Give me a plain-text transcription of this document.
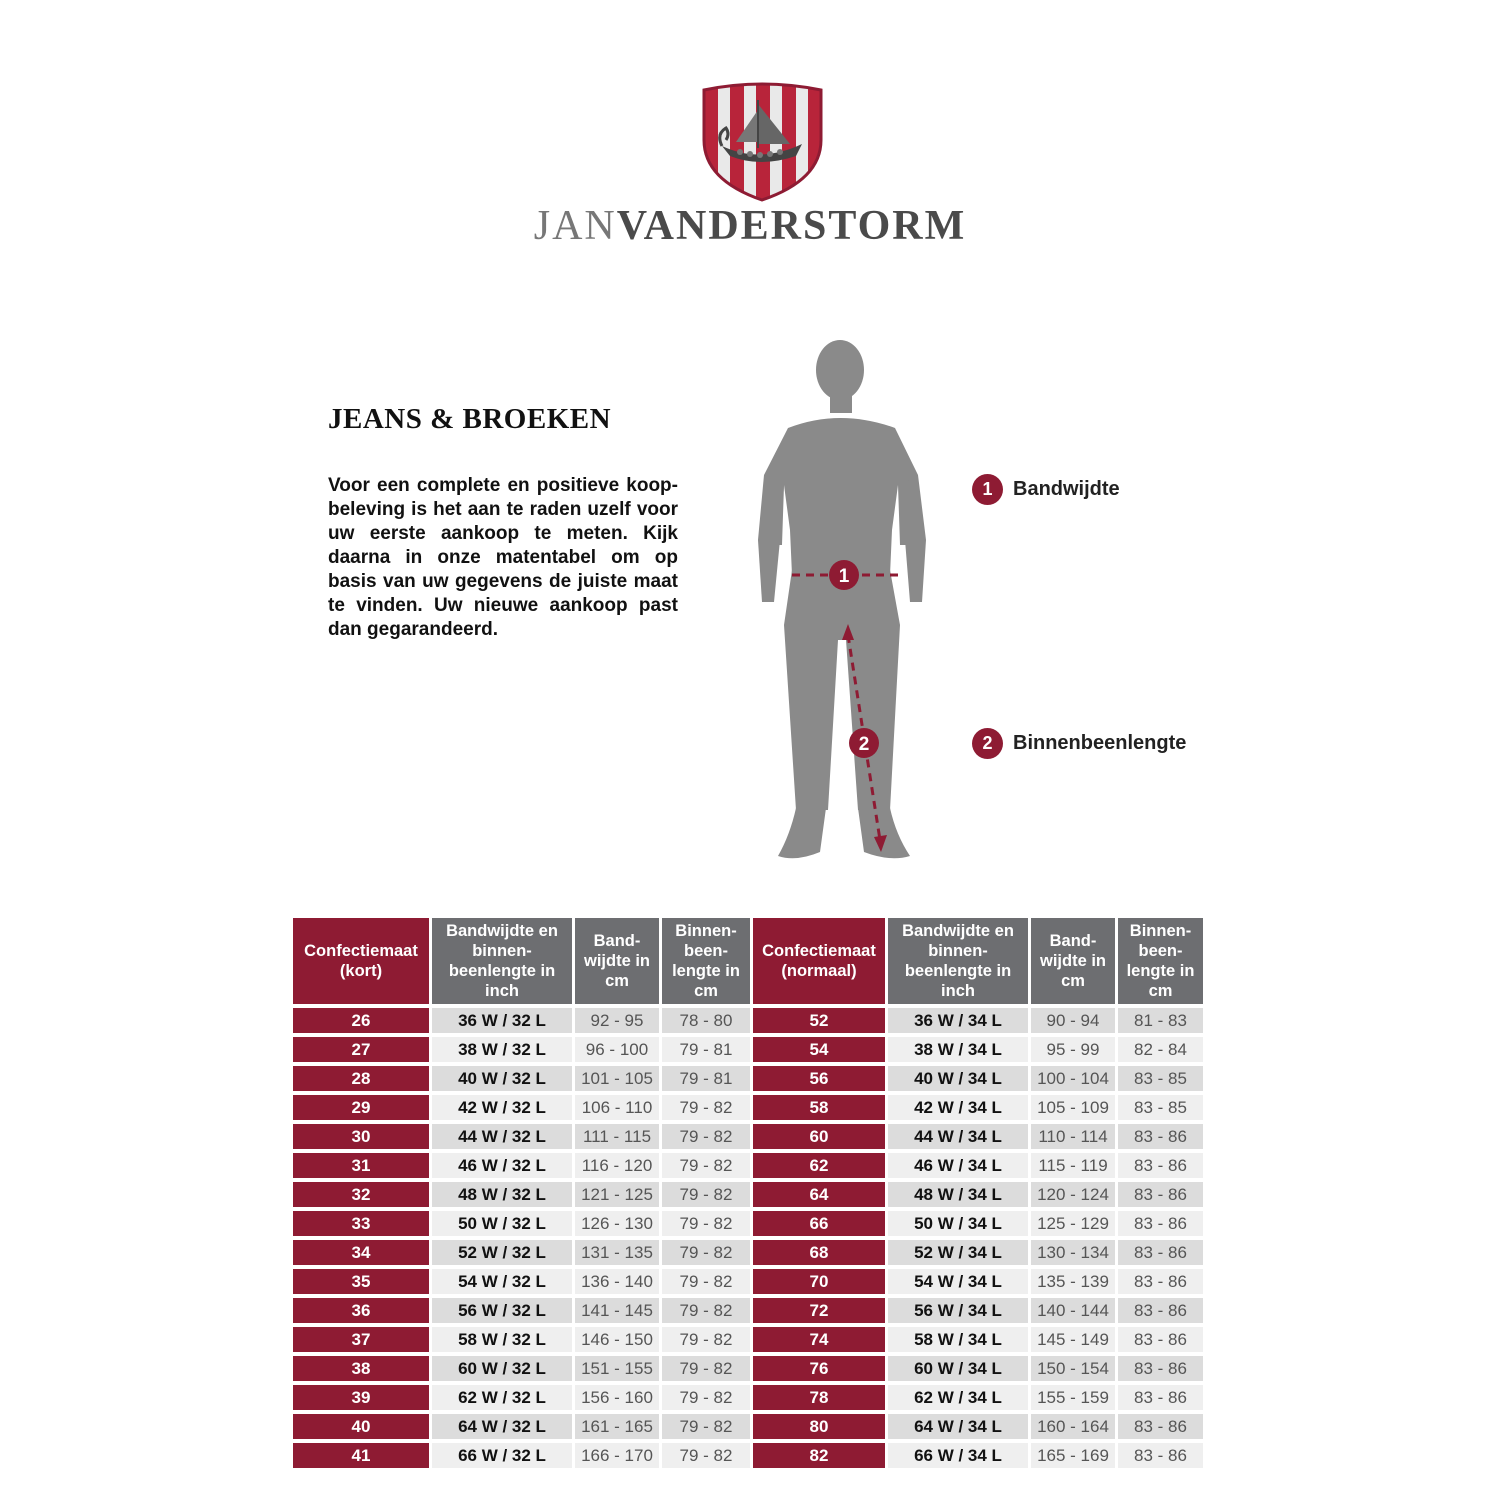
JANVANDERSTORM
JEANS & BROEKEN
Voor een complete en positieve koop-beleving is het aan te raden uzelf voor uw eerste aankoop te meten. Kijk daarna in onze matentabel om op basis van uw gegevens de juiste maat te vinden. Uw nieuwe aankoop past dan gegarandeerd.
1
2
1	Bandwijdte
2	Binnenbeenlengte
Confectiemaat (kort)	Bandwijdte en binnen-beenlengte in inch	Band-wijdte in cm	Binnen-been-lengte in cm	Confectiemaat (normaal)	Bandwijdte en binnen-beenlengte in inch	Band-wijdte in cm	Binnen-been-lengte in cm
26	36 W / 32 L	92 - 95	78 - 80	52	36 W / 34 L	90 - 94	81 - 83
27	38 W / 32 L	96 - 100	79 - 81	54	38 W / 34 L	95 - 99	82 - 84
28	40 W / 32 L	101 - 105	79 - 81	56	40 W / 34 L	100 - 104	83 - 85
29	42 W / 32 L	106 - 110	79 - 82	58	42 W / 34 L	105 - 109	83 - 85
30	44 W / 32 L	111 - 115	79 - 82	60	44 W / 34 L	110 - 114	83 - 86
31	46 W / 32 L	116 - 120	79 - 82	62	46 W / 34 L	115 - 119	83 - 86
32	48 W / 32 L	121 - 125	79 - 82	64	48 W / 34 L	120 - 124	83 - 86
33	50 W / 32 L	126 - 130	79 - 82	66	50 W / 34 L	125 - 129	83 - 86
34	52 W / 32 L	131 - 135	79 - 82	68	52 W / 34 L	130 - 134	83 - 86
35	54 W / 32 L	136 - 140	79 - 82	70	54 W / 34 L	135 - 139	83 - 86
36	56 W / 32 L	141 - 145	79 - 82	72	56 W / 34 L	140 - 144	83 - 86
37	58 W / 32 L	146 - 150	79 - 82	74	58 W / 34 L	145 - 149	83 - 86
38	60 W / 32 L	151 - 155	79 - 82	76	60 W / 34 L	150 - 154	83 - 86
39	62 W / 32 L	156 - 160	79 - 82	78	62 W / 34 L	155 - 159	83 - 86
40	64 W / 32 L	161 - 165	79 - 82	80	64 W / 34 L	160 - 164	83 - 86
41	66 W / 32 L	166 - 170	79 - 82	82	66 W / 34 L	165 - 169	83 - 86
